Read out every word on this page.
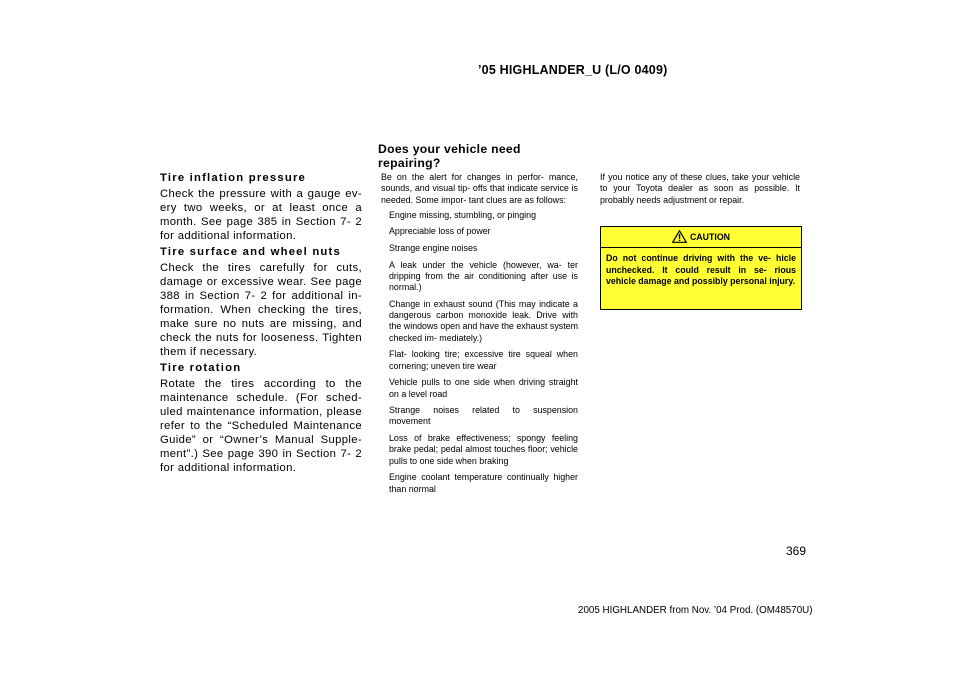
’05 HIGHLANDER_U (L/O 0409)
Tire inflation pressure
Check the pressure with a gauge ev- ery two weeks, or at least once a month. See page 385 in Section 7- 2 for additional information.
Tire surface and wheel nuts
Check the tires carefully for cuts, damage or excessive wear. See page 388 in Section 7- 2 for additional in- formation. When checking the tires, make sure no nuts are missing, and check the nuts for looseness. Tighten them if necessary.
Tire rotation
Rotate the tires according to the maintenance schedule. (For sched- uled maintenance information, please refer to the “Scheduled Maintenance Guide” or “Owner’s Manual Supple- ment”.) See page 390 in Section 7- 2 for additional information.
Does your vehicle need
repairing?
Be on the alert for changes in perfor- mance, sounds, and visual tip- offs that indicate service is needed. Some impor- tant clues are as follows:
Engine missing, stumbling, or pinging
Appreciable loss of power
Strange engine noises
A leak under the vehicle (however, wa- ter dripping from the air conditioning after use is normal.)
Change in exhaust sound (This may indicate a dangerous carbon monoxide leak. Drive with the windows open and have the exhaust system checked im- mediately.)
Flat- looking tire; excessive tire squeal when cornering; uneven tire wear
Vehicle pulls to one side when driving straight on a level road
Strange noises related to suspension movement
Loss of brake effectiveness; spongy feeling brake pedal; pedal almost touches floor; vehicle pulls to one side when braking
Engine coolant temperature continually higher than normal
If you notice any of these clues, take your vehicle to your Toyota dealer as soon as possible. It probably needs adjustment or repair.
CAUTION
Do not continue driving with the ve- hicle unchecked. It could result in se- rious vehicle damage and possibly personal injury.
369
2005 HIGHLANDER from Nov. ’04 Prod. (OM48570U)
